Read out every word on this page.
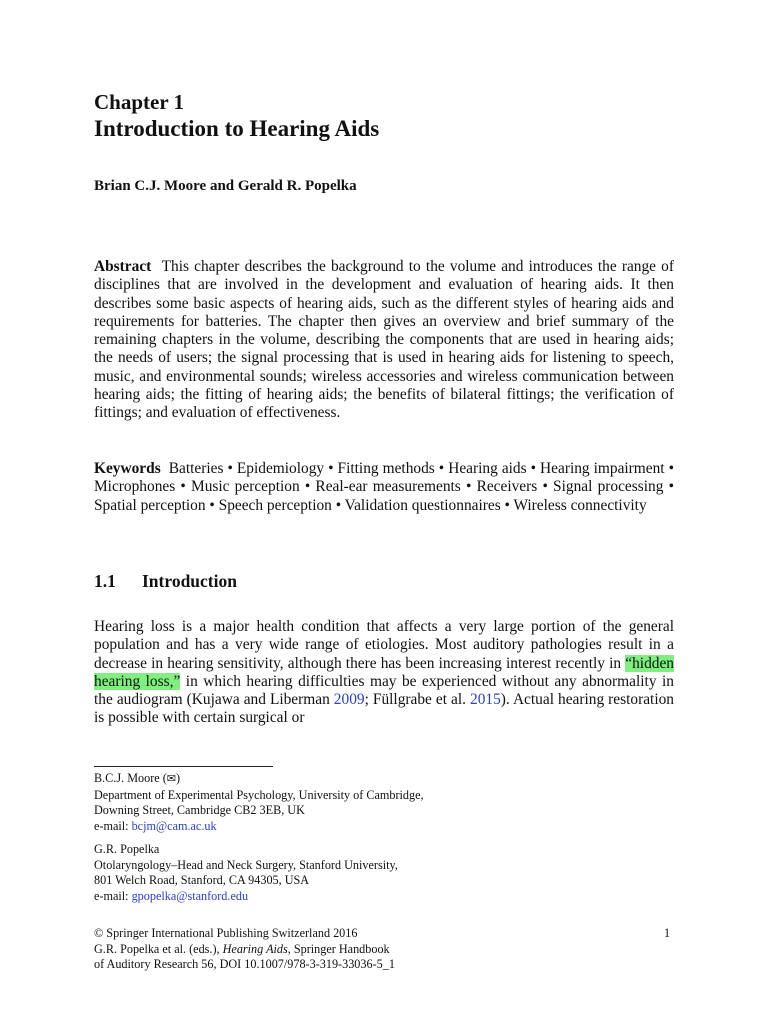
Chapter 1
Introduction to Hearing Aids
Brian C.J. Moore and Gerald R. Popelka
Abstract This chapter describes the background to the volume and introduces the range of disciplines that are involved in the development and evaluation of hearing aids. It then describes some basic aspects of hearing aids, such as the different styles of hearing aids and requirements for batteries. The chapter then gives an overview and brief summary of the remaining chapters in the volume, describing the components that are used in hearing aids; the needs of users; the signal processing that is used in hearing aids for listening to speech, music, and environmental sounds; wireless accessories and wireless communication between hearing aids; the fitting of hearing aids; the benefits of bilateral fittings; the verification of fittings; and evaluation of effectiveness.
Keywords Batteries • Epidemiology • Fitting methods • Hearing aids • Hearing impairment • Microphones • Music perception • Real-ear measurements • Receivers • Signal processing • Spatial perception • Speech perception • Validation questionnaires • Wireless connectivity
1.1 Introduction
Hearing loss is a major health condition that affects a very large portion of the general population and has a very wide range of etiologies. Most auditory pathologies result in a decrease in hearing sensitivity, although there has been increasing interest recently in “hidden hearing loss,” in which hearing difficulties may be experienced without any abnormality in the audiogram (Kujawa and Liberman 2009; Füllgrabe et al. 2015). Actual hearing restoration is possible with certain surgical or
B.C.J. Moore (✉)
Department of Experimental Psychology, University of Cambridge,
Downing Street, Cambridge CB2 3EB, UK
e-mail: bcjm@cam.ac.uk
G.R. Popelka
Otolaryngology–Head and Neck Surgery, Stanford University,
801 Welch Road, Stanford, CA 94305, USA
e-mail: gpopelka@stanford.edu
© Springer International Publishing Switzerland 2016
G.R. Popelka et al. (eds.), Hearing Aids, Springer Handbook
of Auditory Research 56, DOI 10.1007/978-3-319-33036-5_1
1
